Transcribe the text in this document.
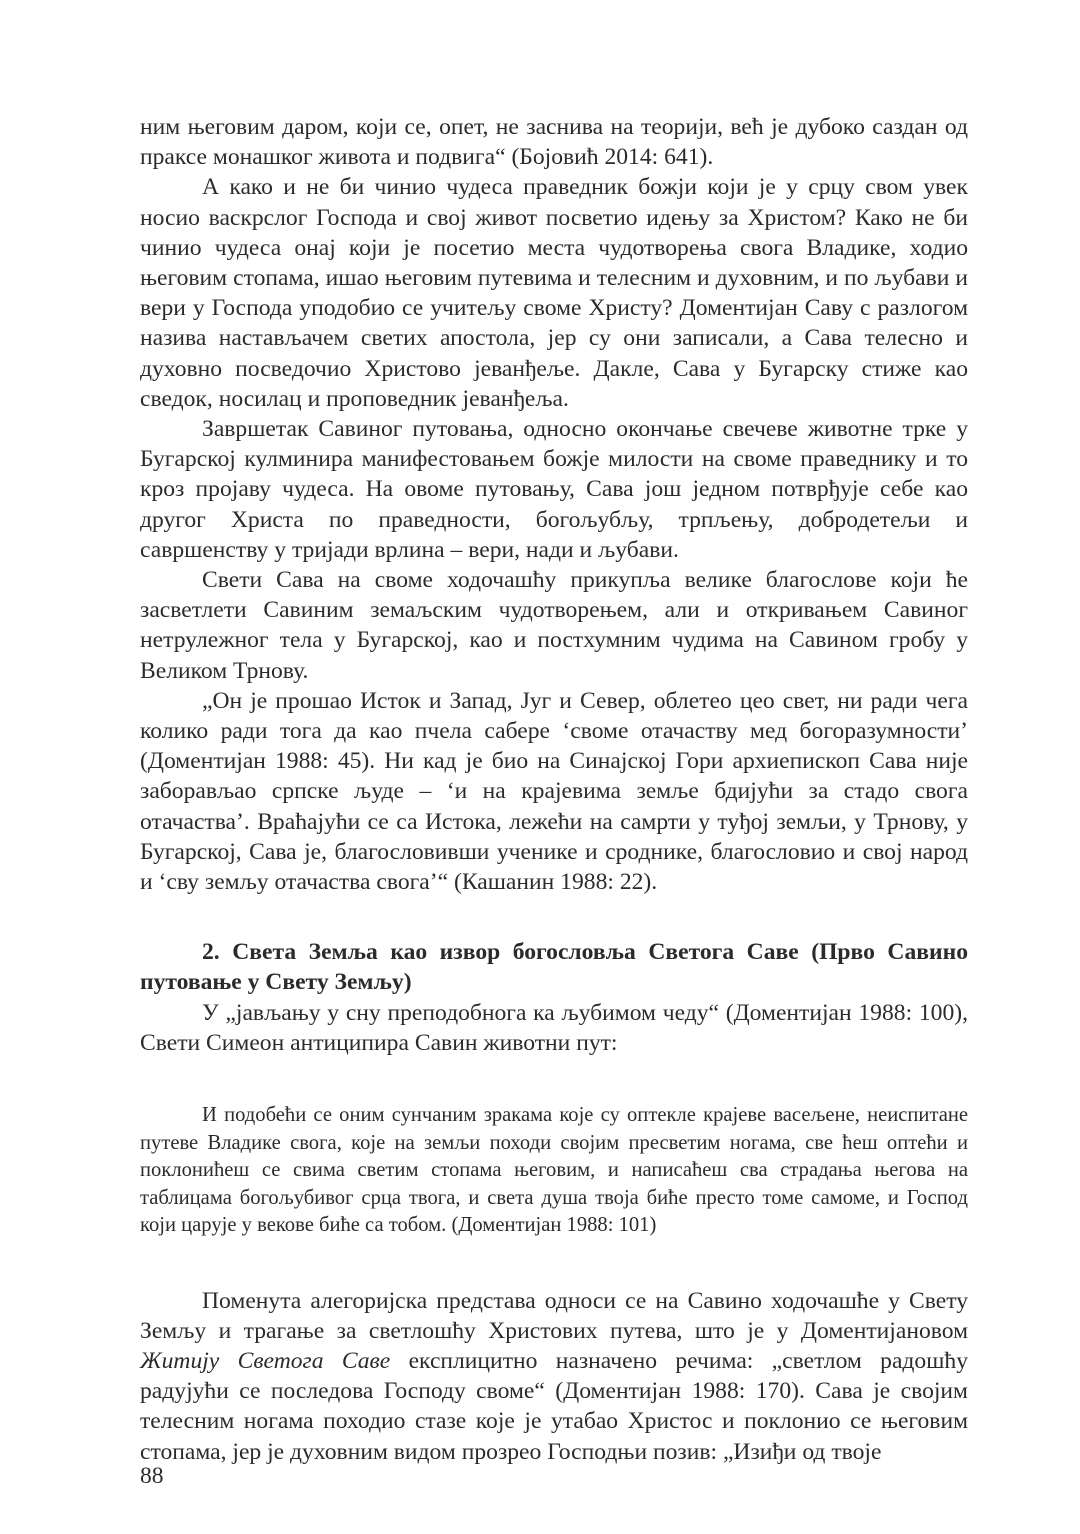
ним његовим даром, који се, опет, не заснива на теорији, већ је дубоко саздан од праксе монашког живота и подвига“ (Бојовић 2014: 641).

А како и не би чинио чудеса праведник божји који је у срцу свом увек носио васкрслог Господа и свој живот посветио идењу за Христом? Како не би чинио чудеса онај који је посетио места чудотворења свога Владике, ходио његовим стопама, ишао његовим путевима и телесним и духовним, и по љубави и вери у Господа уподобио се учитељу своме Христу? Доментијан Саву с разлогом назива настављачем светих апостола, јер су они записали, а Сава телесно и духовно посведочио Христово јеванђеље. Дакле, Сава у Бугарску стиже као сведок, носилац и проповедник јеванђеља.

Завршетак Савиног путовања, односно окончање свечеве животне трке у Бугарској кулминира манифестовањем божје милости на своме праведнику и то кроз пројаву чудеса. На овоме путовању, Сава још једном потврђује себе као другог Христа по праведности, богољубљу, трпљењу, добродетељи и савршенству у тријади врлина – вери, нади и љубави.

Свети Сава на своме ходочашћу прикупља велике благослове који ће засветлети Савиним земаљским чудотворењем, али и откривањем Савиног нетрулежног тела у Бугарској, као и постхумним чудима на Савином гробу у Великом Трнову.

„Он је прошао Исток и Запад, Југ и Север, облетео цео свет, ни ради чега колико ради тога да као пчела сабере ‘своме отачаству мед богоразумности’ (Доментијан 1988: 45). Ни кад је био на Синајској Гори архиепископ Сава није заборављао српске људе – ‘и на крајевима земље бдијући за стадо свога отачаства’. Враћајући се са Истока, лежећи на самрти у туђој земљи, у Трнову, у Бугарској, Сава је, благословивши ученике и сроднике, благословио и свој народ и ‘сву земљу отачаства свога’“ (Кашанин 1988: 22).

2. Света Земља као извор богословља Светога Саве (Прво Савино путовање у Свету Земљу)

У „јављању у сну преподобнога ка љубимом чеду“ (Доментијан 1988: 100), Свети Симеон антиципира Савин животни пут:

И подобећи се оним сунчаним зракама које су оптекле крајеве васељене, неиспитане путеве Владике свога, које на земљи походи својим пресветим ногама, све ћеш оптећи и поклонићеш се свима светим стопама његовим, и написаћеш сва страдања његова на таблицама богољубивог срца твога, и света душа твоја биће престо томе самоме, и Господ који царује у векове биће са тобом. (Доментијан 1988: 101)

Поменута алегоријска представа односи се на Савино ходочашће у Свету Земљу и трагање за светлошћу Христових путева, што је у Доментијановом Житију Светога Саве експлицитно назначено речима: „светлом радошћу радујући се последова Господу своме“ (Доментијан 1988: 170). Сава је својим телесним ногама походио стазе које је утабао Христос и поклонио се његовим стопама, јер је духовним видом прозрео Господњи позив: „Изиђи од твоје

88
